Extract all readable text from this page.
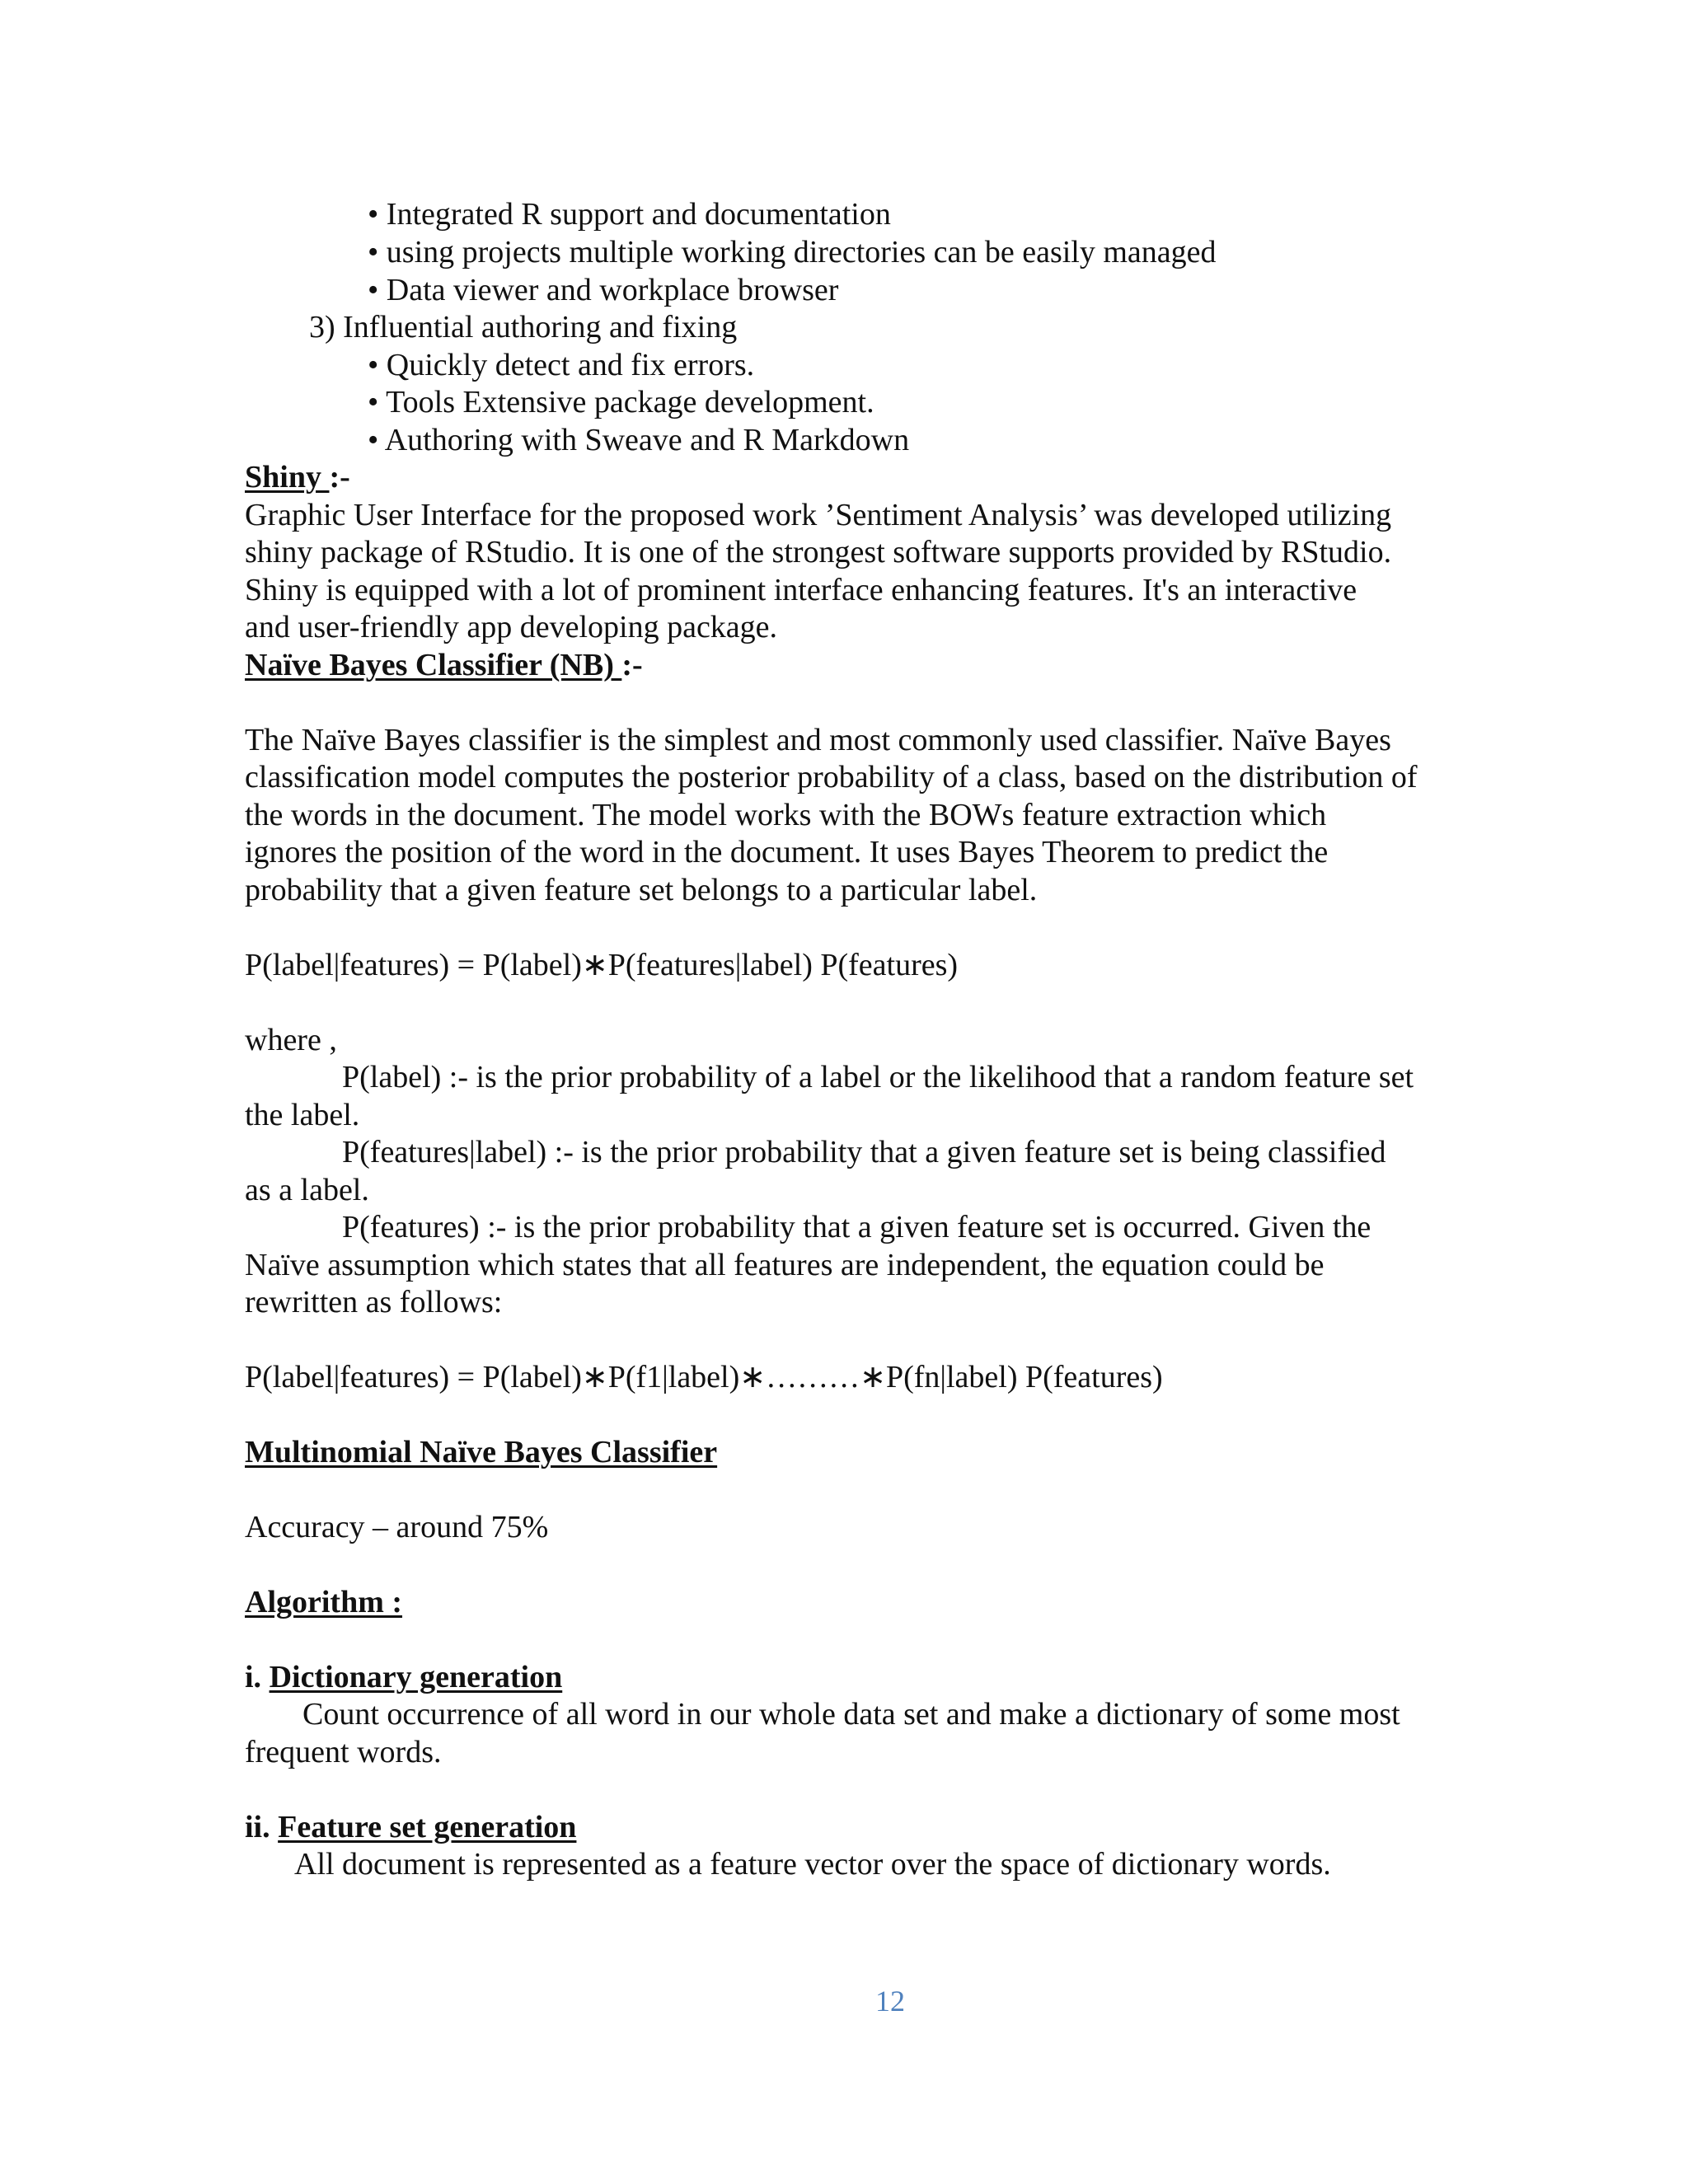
• Integrated R support and documentation
• using projects multiple working directories can be easily managed
• Data viewer and workplace browser
3) Influential authoring and fixing
• Quickly detect and fix errors.
• Tools Extensive package development.
• Authoring with Sweave and R Markdown
Shiny :-
Graphic User Interface for the proposed work ’Sentiment Analysis’ was developed utilizing
shiny package of RStudio. It is one of the strongest software supports provided by RStudio.
Shiny is equipped with a lot of prominent interface enhancing features. It's an interactive
and user-friendly app developing package.
Naïve Bayes Classifier (NB) :-
The Naïve Bayes classifier is the simplest and most commonly used classifier. Naïve Bayes
classification model computes the posterior probability of a class, based on the distribution of
the words in the document. The model works with the BOWs feature extraction which
ignores the position of the word in the document. It uses Bayes Theorem to predict the
probability that a given feature set belongs to a particular label.
P(label|features) = P(label)∗P(features|label) P(features)
where ,
P(label) :- is the prior probability of a label or the likelihood that a random feature set
the label.
P(features|label) :- is the prior probability that a given feature set is being classified
as a label.
P(features) :- is the prior probability that a given feature set is occurred. Given the
Naïve assumption which states that all features are independent, the equation could be
rewritten as follows:
P(label|features) = P(label)∗P(f1|label)∗………∗P(fn|label) P(features)
Multinomial Naïve Bayes Classifier
Accuracy – around 75%
Algorithm :
i. Dictionary generation
Count occurrence of all word in our whole data set and make a dictionary of some most
frequent words.
ii. Feature set generation
All document is represented as a feature vector over the space of dictionary words.
12
